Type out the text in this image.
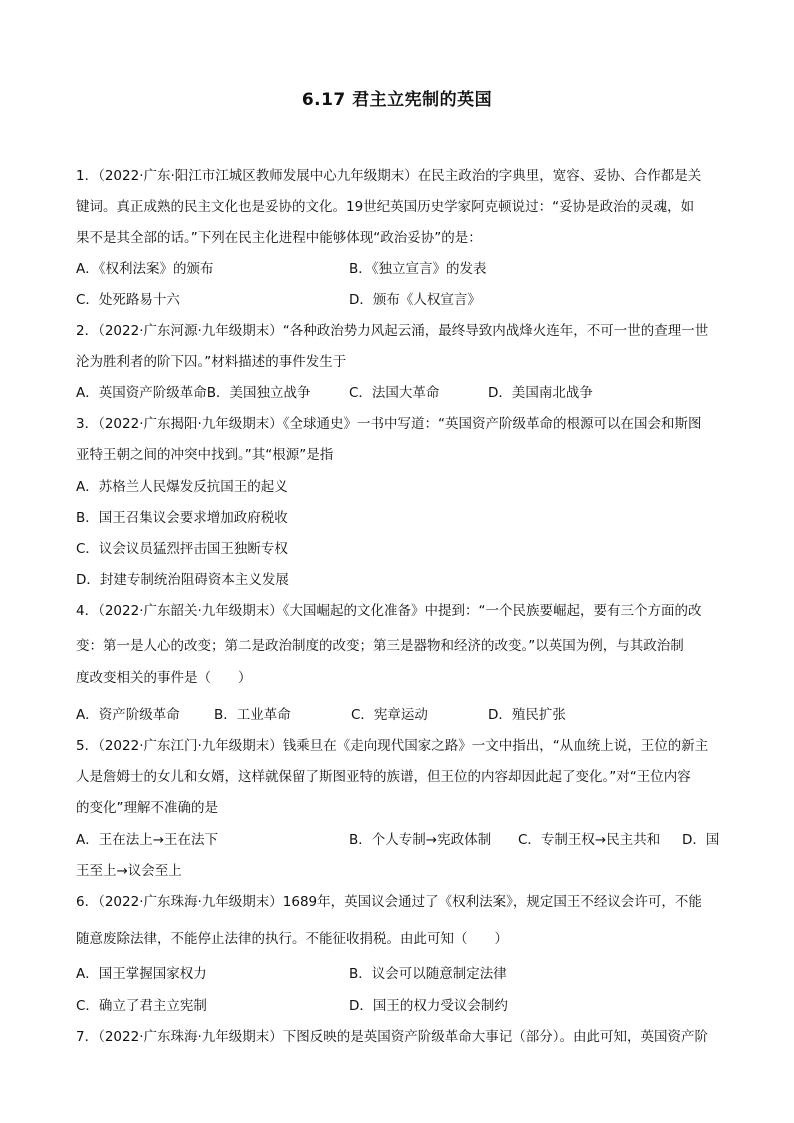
6.17 君主立宪制的英国
1．（2022·广东·阳江市江城区教师发展中心九年级期末）在民主政治的字典里，宽容、妥协、合作都是关
键词。真正成熟的民主文化也是妥协的文化。19世纪英国历史学家阿克顿说过：“妥协是政治的灵魂，如
果不是其全部的话。”下列在民主化进程中能够体现“政治妥协”的是：
A．《权利法案》的颁布	B．《独立宣言》的发表
C．处死路易十六	D．颁布《人权宣言》
2．（2022·广东河源·九年级期末）“各种政治势力风起云涌，最终导致内战烽火连年，不可一世的查理一世
沦为胜利者的阶下囚。”材料描述的事件发生于
A．英国资产阶级革命B．美国独立战争	C．法国大革命	D．美国南北战争
3．（2022·广东揭阳·九年级期末）《全球通史》一书中写道：“英国资产阶级革命的根源可以在国会和斯图
亚特王朝之间的冲突中找到。”其“根源”是指
A．苏格兰人民爆发反抗国王的起义
B．国王召集议会要求增加政府税收
C．议会议员猛烈抨击国王独断专权
D．封建专制统治阻碍资本主义发展
4．（2022·广东韶关·九年级期末）《大国崛起的文化准备》中提到：“一个民族要崛起，要有三个方面的改
变：第一是人心的改变；第二是政治制度的改变；第三是器物和经济的改变。”以英国为例，与其政治制
度改变相关的事件是（　　）
A．资产阶级革命	B．工业革命	C．宪章运动	D．殖民扩张
5．（2022·广东江门·九年级期末）钱乘旦在《走向现代国家之路》一文中指出，“从血统上说，王位的新主
人是詹姆士的女儿和女婿，这样就保留了斯图亚特的族谱，但王位的内容却因此起了变化。”对“王位内容
的变化”理解不准确的是
A．王在法上→王在法下	B．个人专制→宪政体制 C．专制王权→民主共和 D．国
王至上→议会至上
6．（2022·广东珠海·九年级期末）1689年，英国议会通过了《权利法案》，规定国王不经议会许可，不能
随意废除法律，不能停止法律的执行。不能征收捐税。由此可知（　　）
A．国王掌握国家权力	B．议会可以随意制定法律
C．确立了君主立宪制	D．国王的权力受议会制约
7．（2022·广东珠海·九年级期末）下图反映的是英国资产阶级革命大事记（部分）。由此可知，英国资产阶
